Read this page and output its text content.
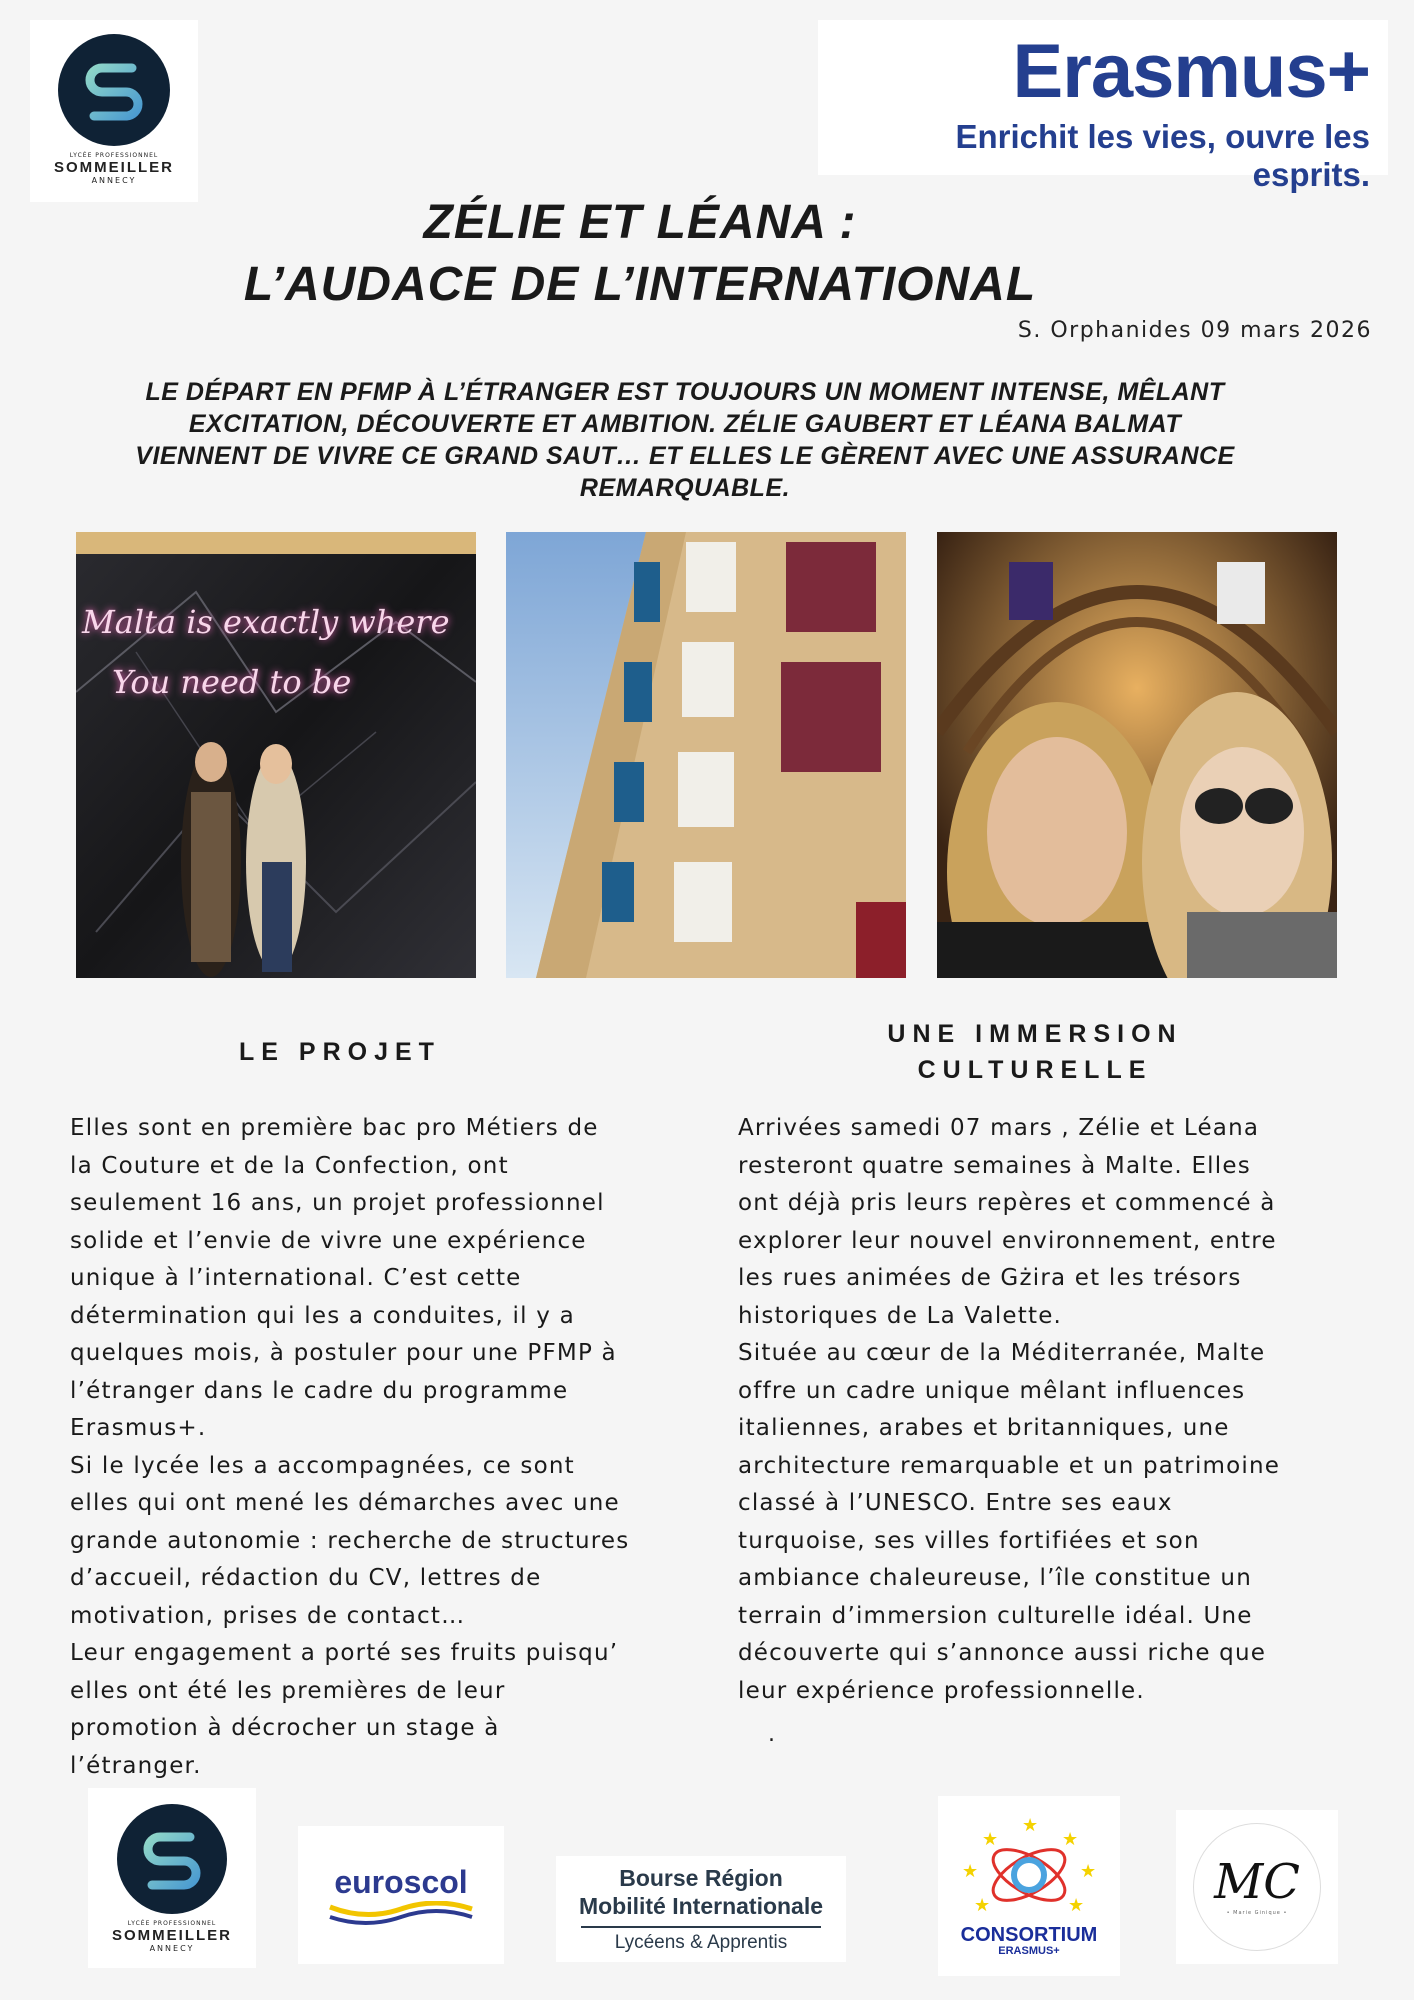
LYCÉE PROFESSIONNEL
SOMMEILLER
ANNECY
Erasmus+
Enrichit les vies, ouvre les esprits.
ZÉLIE ET LÉANA :
L’AUDACE DE L’INTERNATIONAL
S. Orphanides 09 mars 2026
LE DÉPART EN PFMP À L’ÉTRANGER EST TOUJOURS UN MOMENT INTENSE, MÊLANT EXCITATION, DÉCOUVERTE ET AMBITION. ZÉLIE GAUBERT ET LÉANA BALMAT VIENNENT DE VIVRE CE GRAND SAUT… ET ELLES LE GÈRENT AVEC UNE ASSURANCE REMARQUABLE.
Malta is exactly where
You need to be
LE PROJET
UNE IMMERSION CULTURELLE
Elles sont en première bac pro Métiers de
la Couture et de la Confection, ont
seulement 16 ans, un projet professionnel
solide et l’envie de vivre une expérience
unique à l’international. C’est cette
détermination qui les a conduites, il y a
quelques mois, à postuler pour une PFMP à
l’étranger dans le cadre du programme
Erasmus+.
Si le lycée les a accompagnées, ce sont
elles qui ont mené les démarches avec une
grande autonomie : recherche de structures
d’accueil, rédaction du CV, lettres de
motivation, prises de contact…
Leur engagement a porté ses fruits puisqu’
elles ont été les premières de leur
promotion à décrocher un stage à
l’étranger.
Arrivées samedi 07 mars , Zélie et Léana
resteront quatre semaines à Malte. Elles
ont déjà pris leurs repères et commencé à
explorer leur nouvel environnement, entre
les rues animées de Gżira et les trésors
historiques de La Valette.
Située au cœur de la Méditerranée, Malte
offre un cadre unique mêlant influences
italiennes, arabes et britanniques, une
architecture remarquable et un patrimoine
classé à l’UNESCO. Entre ses eaux
turquoise, ses villes fortifiées et son
ambiance chaleureuse, l’île constitue un
terrain d’immersion culturelle idéal. Une
découverte qui s’annonce aussi riche que
leur expérience professionnelle.
.
LYCÉE PROFESSIONNEL
SOMMEILLER
ANNECY
euroscol	Bourse Région
Mobilité Internationale
Lycéens & Apprentis
★
★	★
★	★
★	★
CONSORTIUM
ERASMUS+
MC
• Marie Ginique •
